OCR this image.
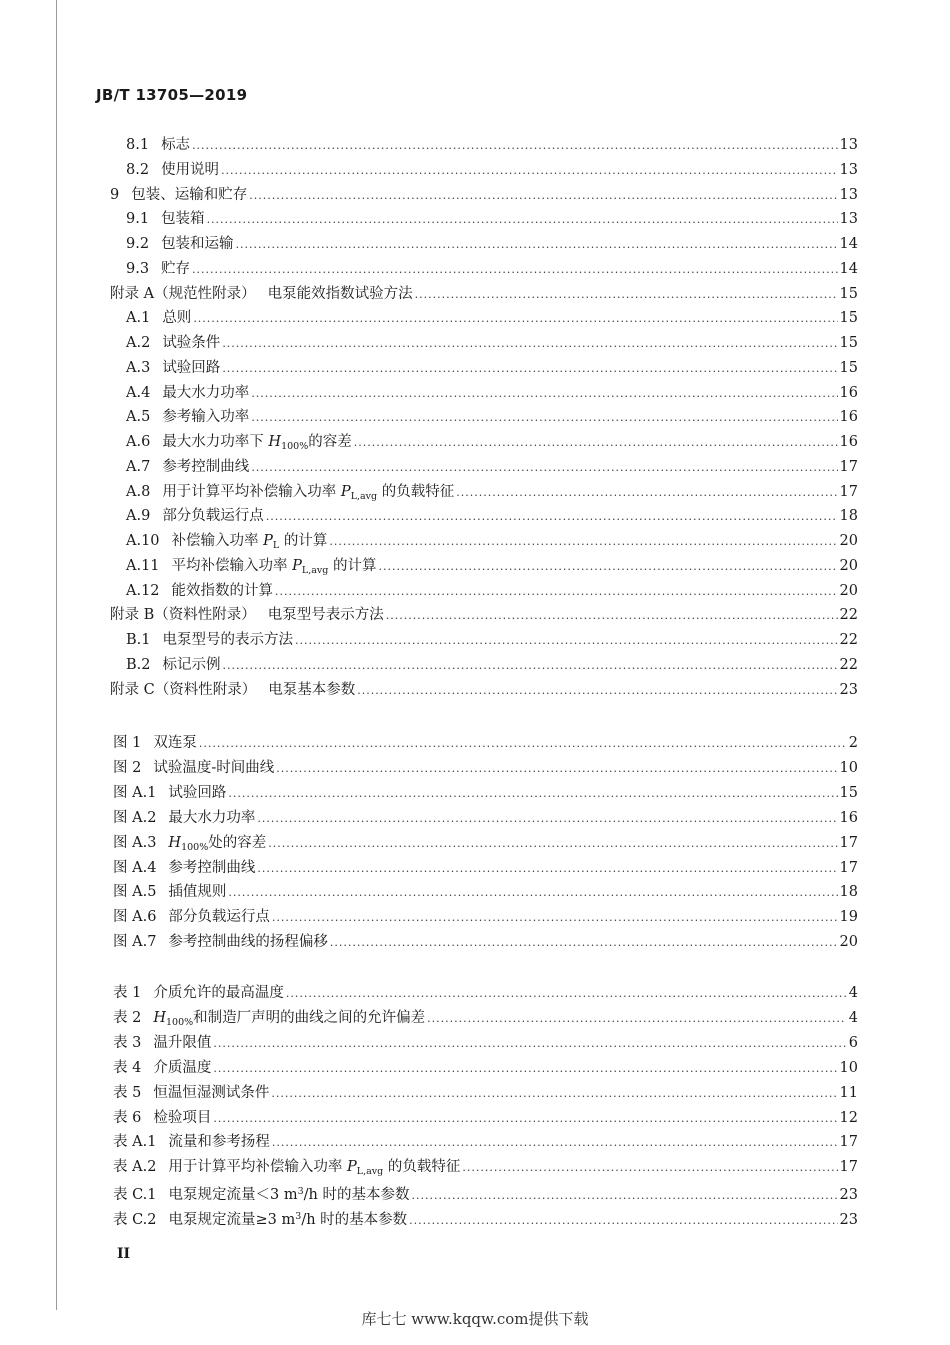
JB/T 13705—2019
8.1 标志 .....	13
8.2 使用说明 .....	13
9 包装、运输和贮存 .....	13
9.1 包装箱 .....	13
9.2 包装和运输 .....	14
9.3 贮存 .....	14
附录 A（规范性附录） 电泵能效指数试验方法 .....	15
A.1 总则 .....	15
A.2 试验条件 .....	15
A.3 试验回路 .....	15
A.4 最大水力功率 .....	16
A.5 参考输入功率 .....	16
A.6 最大水力功率下 $H_{100\%}$的容差 .....	16
A.7 参考控制曲线 .....	17
A.8 用于计算平均补偿输入功率 $P_{L,avg}$ 的负载特征 .....	17
A.9 部分负载运行点 .....	18
A.10 补偿输入功率 $P_L$ 的计算 .....	20
A.11 平均补偿输入功率 $P_{L,avg}$ 的计算 .....	20
A.12 能效指数的计算 .....	20
附录 B（资料性附录） 电泵型号表示方法 .....	22
B.1 电泵型号的表示方法 .....	22
B.2 标记示例 .....	22
附录 C（资料性附录） 电泵基本参数 .....	23
图 1 双连泵 .....	2
图 2 试验温度-时间曲线 .....	10
图 A.1 试验回路 .....	15
图 A.2 最大水力功率 .....	16
图 A.3 $H_{100\%}$处的容差 .....	17
图 A.4 参考控制曲线 .....	17
图 A.5 插值规则 .....	18
图 A.6 部分负载运行点 .....	19
图 A.7 参考控制曲线的扬程偏移 .....	20
表 1 介质允许的最高温度 .....	4
表 2 $H_{100\%}$和制造厂声明的曲线之间的允许偏差 .....	4
表 3 温升限值 .....	6
表 4 介质温度 .....	10
表 5 恒温恒湿测试条件 .....	11
表 6 检验项目 .....	12
表 A.1 流量和参考扬程 .....	17
表 A.2 用于计算平均补偿输入功率 $P_{L,avg}$ 的负载特征 .....	17
表 C.1 电泵规定流量＜3 $m^3/h$ 时的基本参数 .....	23
表 C.2 电泵规定流量≥3 $m^3/h$ 时的基本参数 .....	23
II
库七七 www.kqqw.com提供下载
